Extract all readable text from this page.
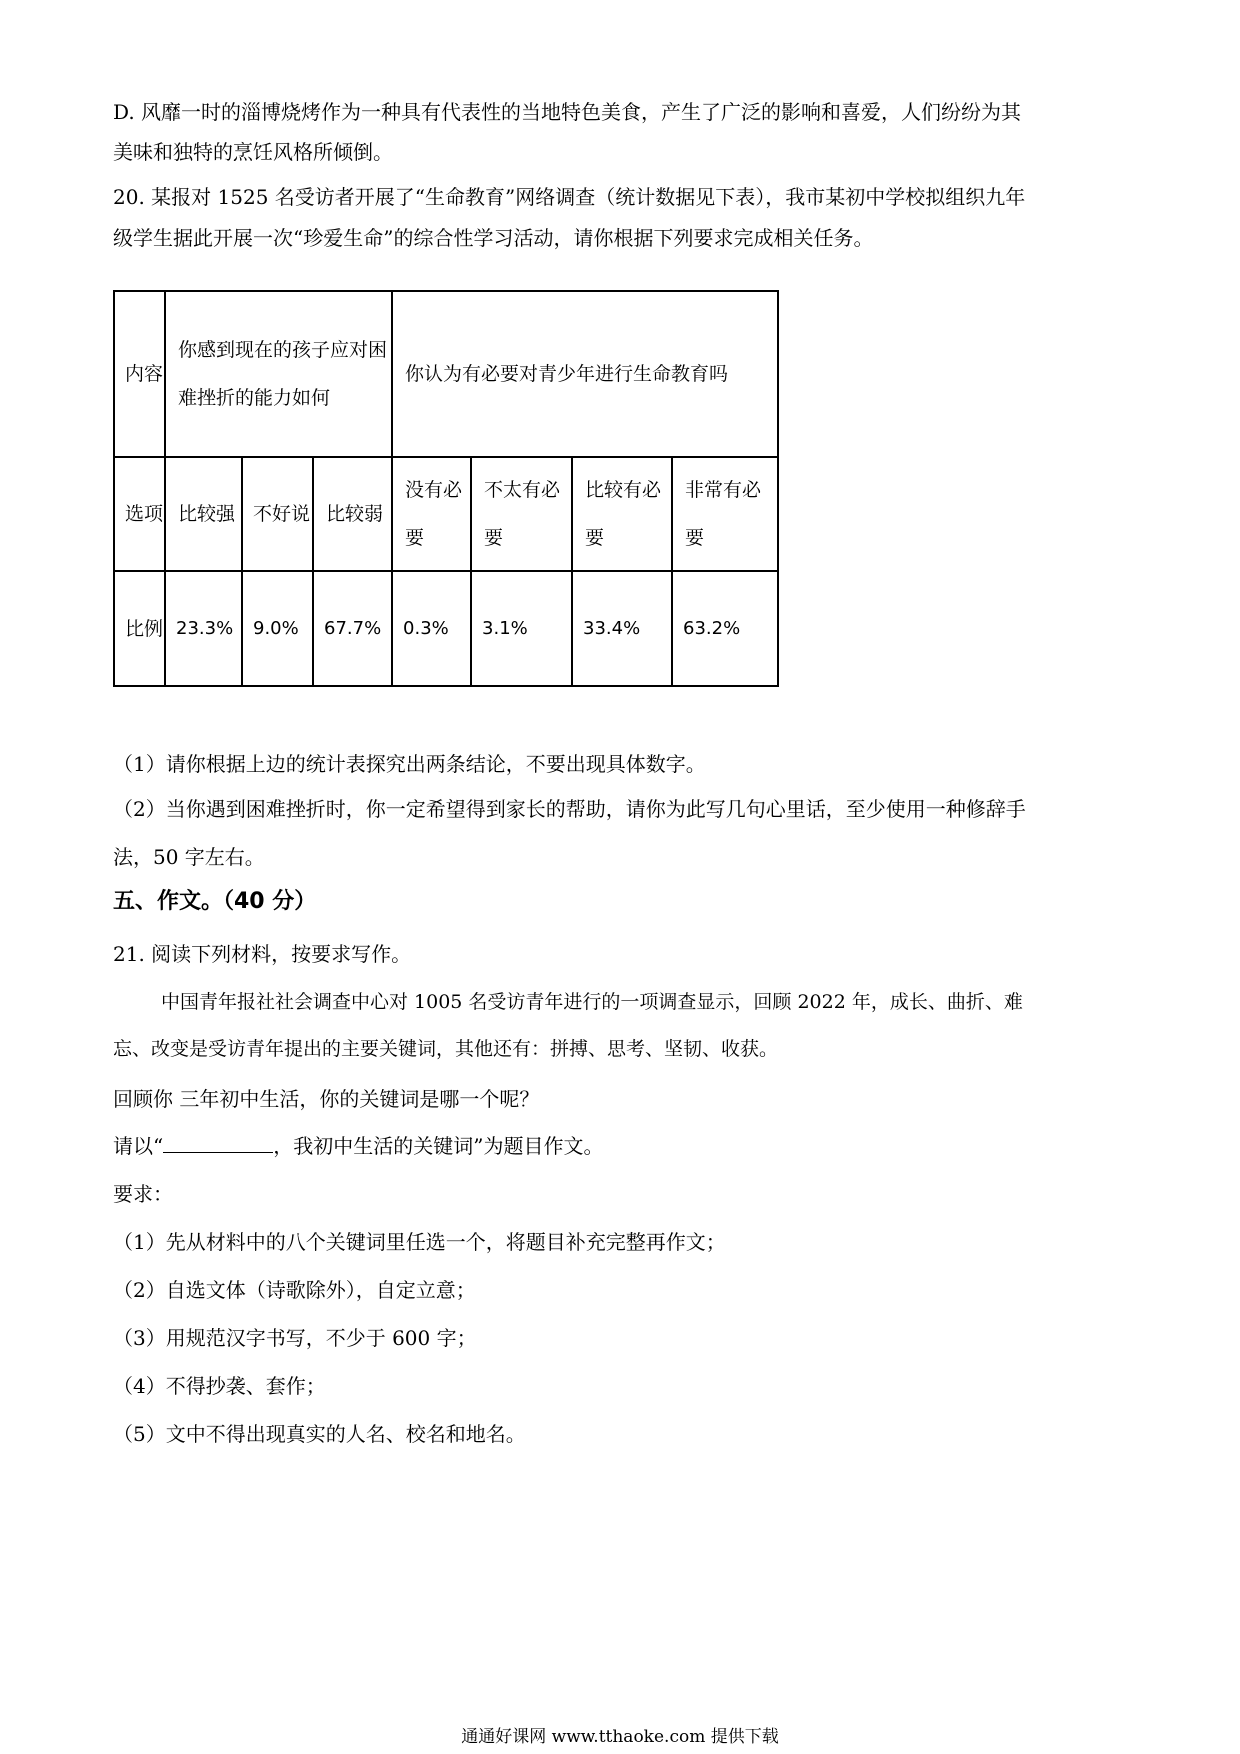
D. 风靡一时的淄博烧烤作为一种具有代表性的当地特色美食，产生了广泛的影响和喜爱，人们纷纷为其
美味和独特的烹饪风格所倾倒。
20. 某报对 1525 名受访者开展了“生命教育”网络调查（统计数据见下表），我市某初中学校拟组织九年
级学生据此开展一次“珍爱生命”的综合性学习活动，请你根据下列要求完成相关任务。
内容	你感到现在的孩子应对困难挫折的能力如何			你认为有必要对青少年进行生命教育吗			
选项	比较强	不好说	比较弱	没有必要	不太有必要	比较有必要	非常有必要
比例	23.3%	9.0%	67.7%	0.3%	3.1%	33.4%	63.2%
（1）请你根据上边的统计表探究出两条结论，不要出现具体数字。
（2）当你遇到困难挫折时，你一定希望得到家长的帮助，请你为此写几句心里话，至少使用一种修辞手
法，50 字左右。
五、作文。（40 分）
21. 阅读下列材料，按要求写作。
中国青年报社社会调查中心对 1005 名受访青年进行的一项调查显示，回顾 2022 年，成长、曲折、难
忘、改变是受访青年提出的主要关键词，其他还有：拼搏、思考、坚韧、收获。
回顾你 三年初中生活，你的关键词是哪一个呢？
请以“	，我初中生活的关键词”为题目作文。
要求：
（1）先从材料中的八个关键词里任选一个，将题目补充完整再作文；
（2）自选文体（诗歌除外），自定立意；
（3）用规范汉字书写，不少于 600 字；
（4）不得抄袭、套作；
（5）文中不得出现真实的人名、校名和地名。
通通好课网 www.tthaoke.com 提供下载
